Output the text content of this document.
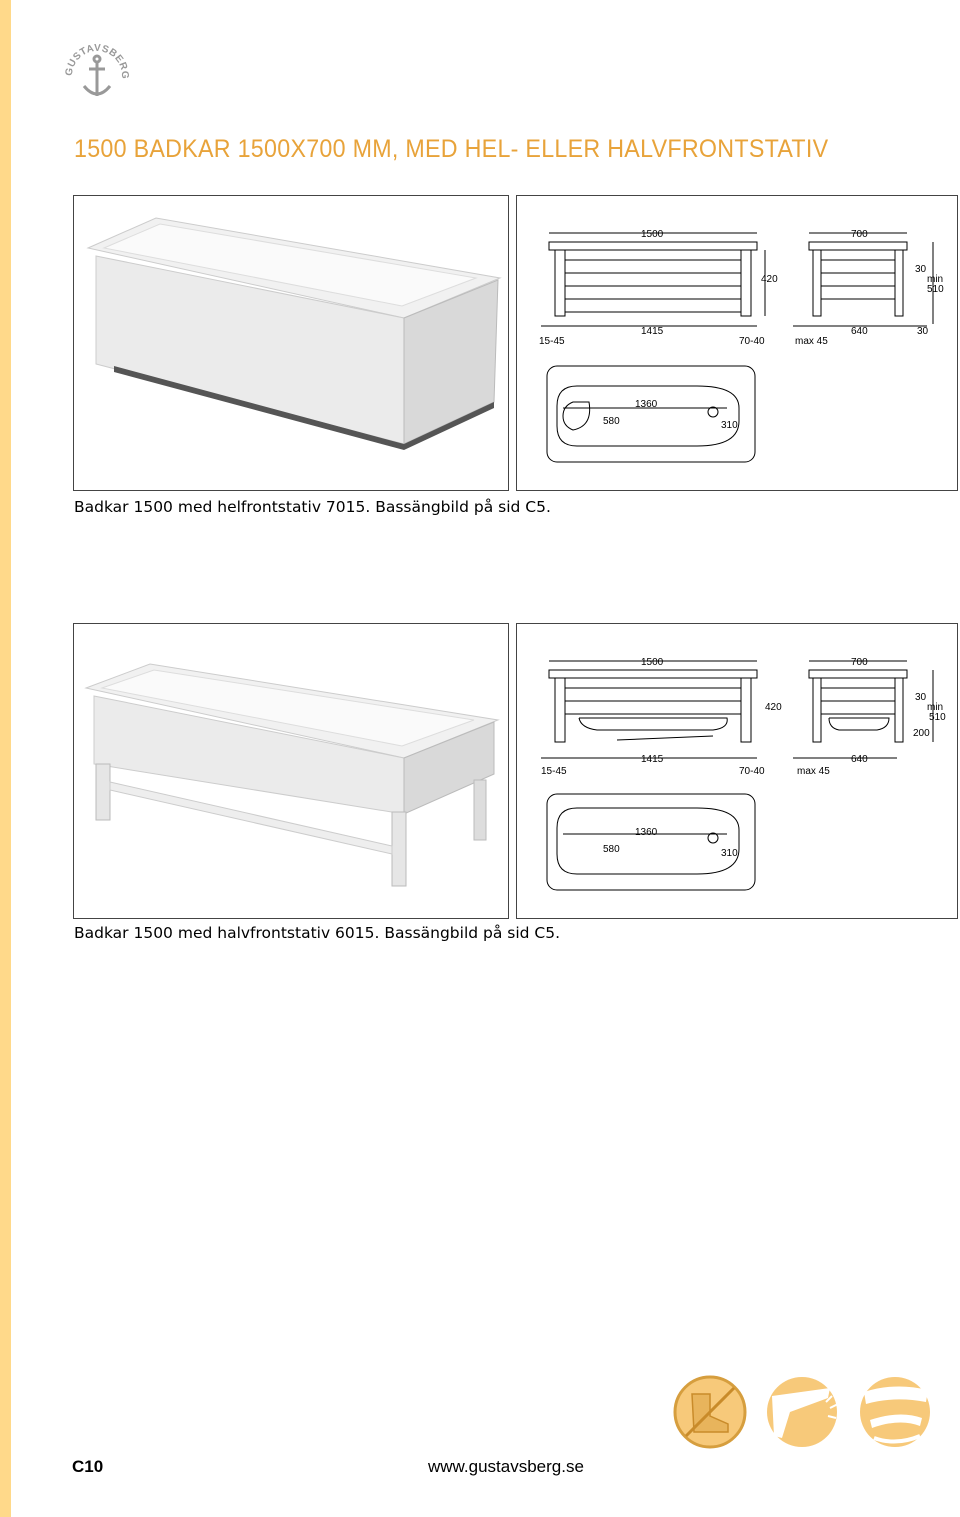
GUSTAVSBERG
1500 BADKAR 1500X700 MM, MED HEL- ELLER HALVFRONTSTATIV
1500	700
420
30
min
510
15-45
1415
70-40	max 45
640	30
1360
580	310
Badkar 1500 med helfrontstativ 7015. Bassängbild på sid C5.
1500	700
420
30
min
510
200
15-45
1415
70-40	max 45
640
1360
580	310
Badkar 1500 med halvfrontstativ 6015. Bassängbild på sid C5.
C10	www.gustavsberg.se
